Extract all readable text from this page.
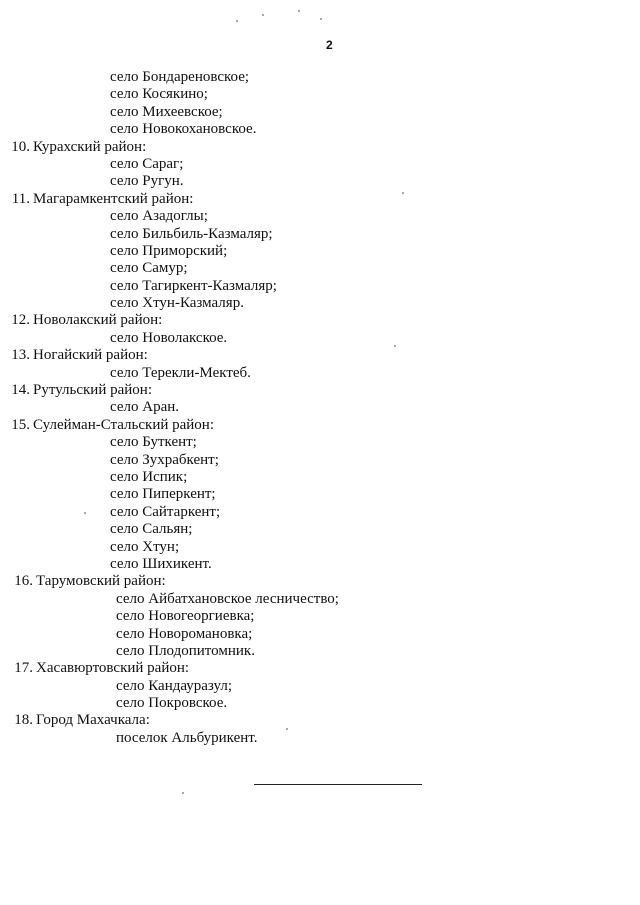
2
село Бондареновское;
село Косякино;
село Михеевское;
село Новокохановское.
10. Курахский район:
село Сараг;
село Ругун.
11. Магарамкентский район:
село Азадоглы;
село Бильбиль-Казмаляр;
село Приморский;
село Самур;
село Тагиркент-Казмаляр;
село Хтун-Казмаляр.
12. Новолакский район:
село Новолакское.
13. Ногайский район:
село Терекли-Мектеб.
14. Рутульский район:
село Аран.
15. Сулейман-Стальский район:
село Буткент;
село Зухрабкент;
село Испик;
село Пиперкент;
село Сайтаркент;
село Сальян;
село Хтун;
село Шихикент.
16. Тарумовский район:
село Айбатхановское лесничество;
село Новогеоргиевка;
село Новоромановка;
село Плодопитомник.
17. Хасавюртовский район:
село Кандауразул;
село Покровское.
18. Город Махачкала:
поселок Альбурикент.
